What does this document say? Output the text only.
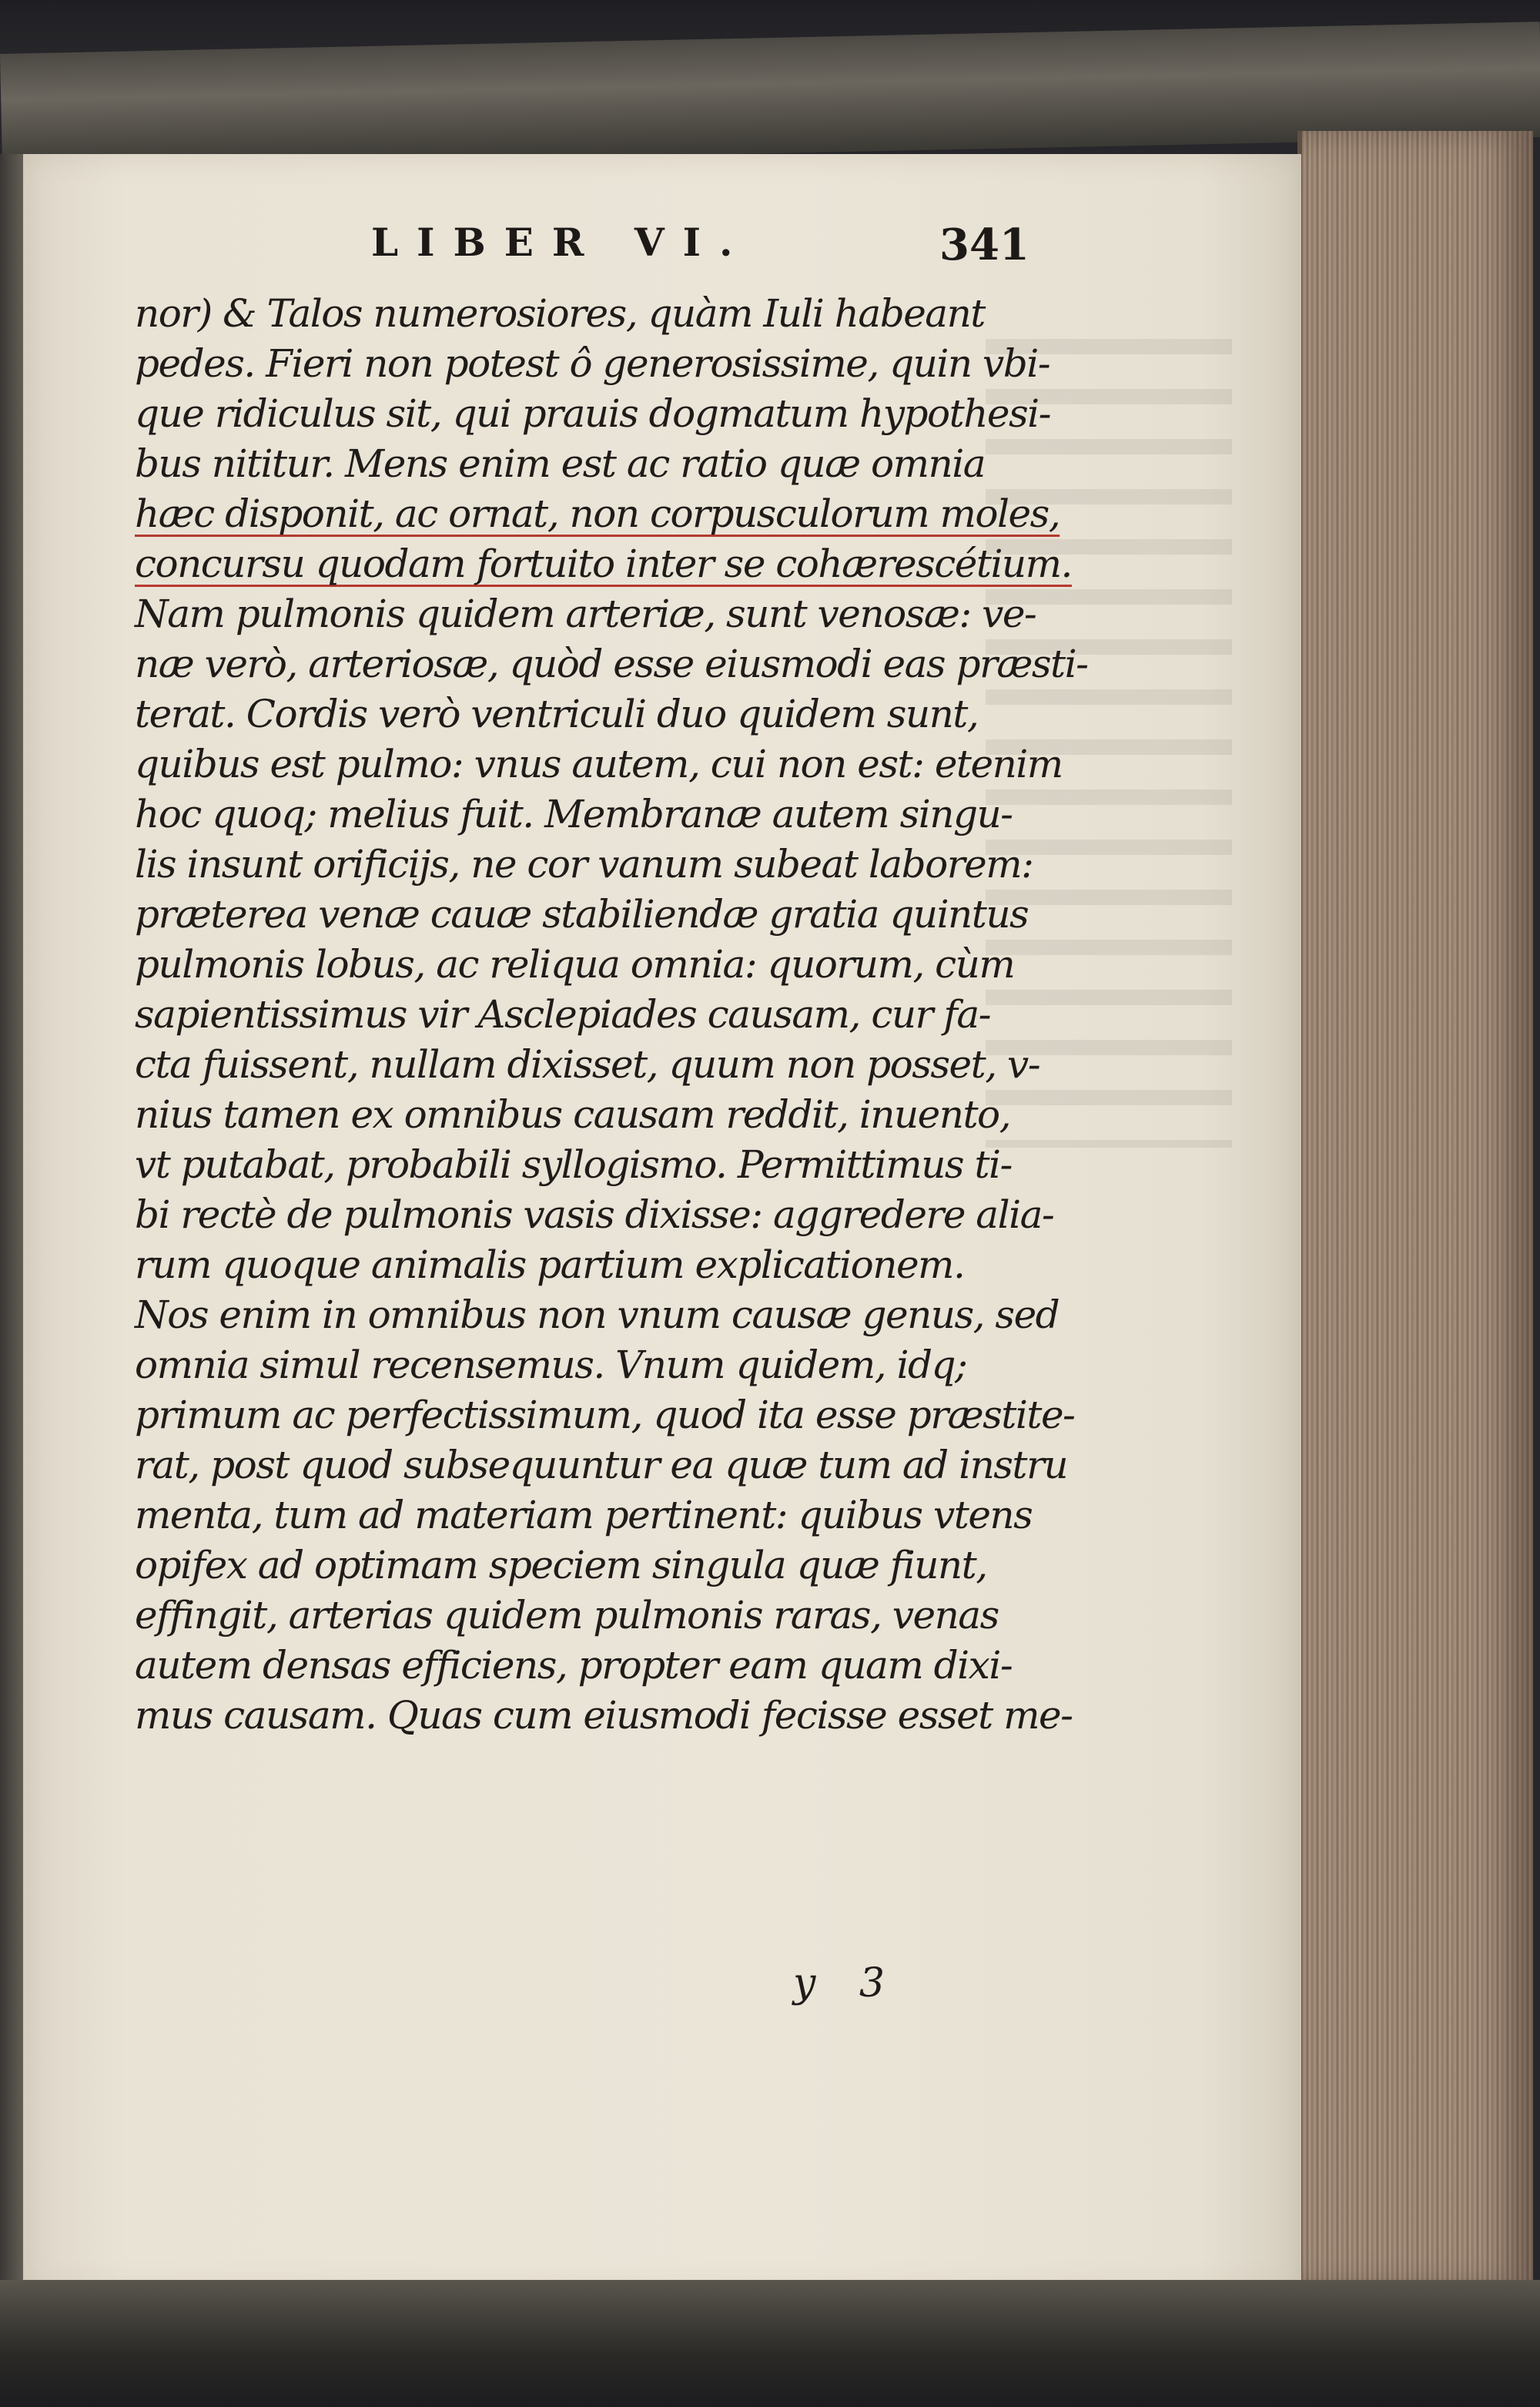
LIBER VI.	341
nor) & Talos numerosiores, quàm Iuli habeant
pedes. Fieri non potest ô generosissime, quin vbi-
que ridiculus sit, qui prauis dogmatum hypothesi-
bus nititur. Mens enim est ac ratio quæ omnia
hæc disponit, ac ornat, non corpusculorum moles,
concursu quodam fortuito inter se cohærescétium.
Nam pulmonis quidem arteriæ, sunt venosæ: ve-
næ verò, arteriosæ, quòd esse eiusmodi eas præsti-
terat. Cordis verò ventriculi duo quidem sunt,
quibus est pulmo: vnus autem, cui non est: etenim
hoc quoq; melius fuit. Membranæ autem singu-
lis insunt orificijs, ne cor vanum subeat laborem:
præterea venæ cauæ stabiliendæ gratia quintus
pulmonis lobus, ac reliqua omnia: quorum, cùm
sapientissimus vir Asclepiades causam, cur fa-
cta fuissent, nullam dixisset, quum non posset, v-
nius tamen ex omnibus causam reddit, inuento,
vt putabat, probabili syllogismo. Permittimus ti-
bi rectè de pulmonis vasis dixisse: aggredere alia-
rum quoque animalis partium explicationem.
Nos enim in omnibus non vnum causæ genus, sed
omnia simul recensemus. Vnum quidem, idq;
primum ac perfectissimum, quod ita esse præstite-
rat, post quod subsequuntur ea quæ tum ad instru
menta, tum ad materiam pertinent: quibus vtens
opifex ad optimam speciem singula quæ fiunt,
effingit, arterias quidem pulmonis raras, venas
autem densas efficiens, propter eam quam dixi-
mus causam. Quas cum eiusmodi fecisse esset me-
y 3
